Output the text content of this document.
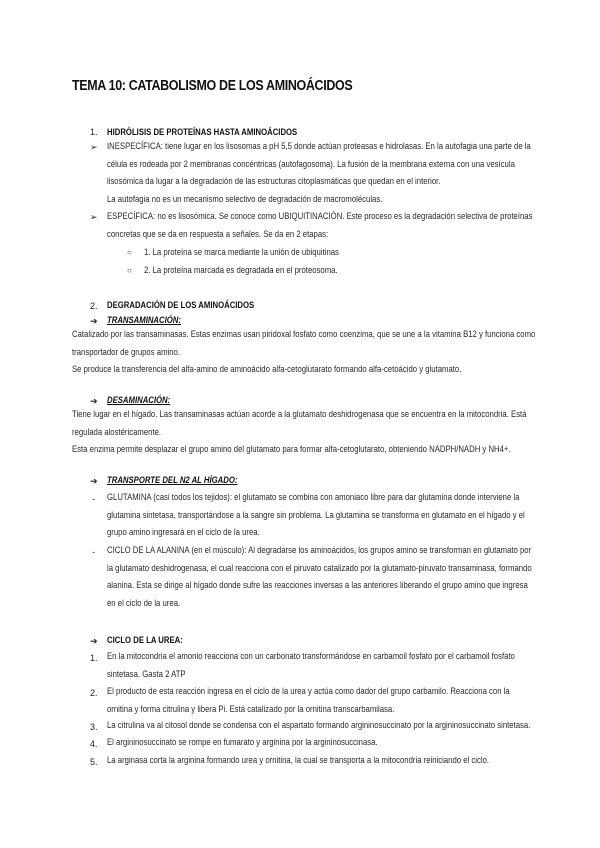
TEMA 10: CATABOLISMO DE LOS AMINOÁCIDOS
1. HIDRÓLISIS DE PROTEÍNAS HASTA AMINOÁCIDOS
➢ INESPECÍFICA: tiene lugar en los lisosomas a pH 5,5 donde actúan proteasas e hidrolasas. En la autofagia una parte de la
célula es rodeada por 2 membranas concéntricas (autofagosoma). La fusión de la membrana externa con una vesícula
lisosómica da lugar a la degradación de las estructuras citoplasmáticas que quedan en el interior.
La autofagia no es un mecanismo selectivo de degradación de macromoléculas.
➢ ESPECÍFICA: no es lisosómica. Se conoce como UBIQUITINACIÓN. Este proceso es la degradación selectiva de proteínas
concretas que se da en respuesta a señales. Se da en 2 etapas:
○ 1. La proteína se marca mediante la unión de ubiquitinas
○ 2. La proteína marcada es degradada en el proteosoma.
2. DEGRADACIÓN DE LOS AMINOÁCIDOS
➔ TRANSAMINACIÓN:
Catalizado por las transaminasas. Estas enzimas usan piridoxal fosfato como coenzima, que se une a la vitamina B12 y funciona como
transportador de grupos amino.
Se produce la transferencia del alfa-amino de aminoácido alfa-cetoglutarato formando alfa-cetoácido y glutamato.
➔ DESAMINACIÓN:
Tiene lugar en el hígado. Las transaminasas actúan acorde a la glutamato deshidrogenasa que se encuentra en la mitocondria. Está
regulada alostéricamente.
Esta enzima permite desplazar el grupo amino del glutamato para formar alfa-cetoglutarato, obteniendo NADPH/NADH y NH4+.
➔ TRANSPORTE DEL N2 AL HÍGADO:
- GLUTAMINA (casi todos los tejidos): el glutamato se combina con amoniaco libre para dar glutamina donde interviene la
glutamina sintetasa, transportándose a la sangre sin problema. La glutamina se transforma en glutamato en el hígado y el
grupo amino ingresará en el ciclo de la urea.
- CICLO DE LA ALANINA (en el músculo): Al degradarse los aminoácidos, los grupos amino se transforman en glutamato por
la glutamato deshidrogenasa, el cual reacciona con el piruvato catalizado por la glutamato-piruvato transaminasa, formando
alanina. Esta se dirige al hígado donde sufre las reacciones inversas a las anteriores liberando el grupo amino que ingresa
en el ciclo de la urea.
➔ CICLO DE LA UREA:
1. En la mitocondria el amonio reacciona con un carbonato transformándose en carbamoil fosfato por el carbamoil fosfato
sintetasa. Gasta 2 ATP
2. El producto de esta reacción ingresa en el ciclo de la urea y actúa como dador del grupo carbamilo. Reacciona con la
ornitina y forma citrulina y libera Pi. Está catalizado por la ornitina transcarbamilasa.
3. La citrulina va al citosol donde se condensa con el aspartato formando argininosuccinato por la argininosuccinato sintetasa.
4. El argininosuccinato se rompe en fumarato y arginina por la argininosuccinasa.
5. La arginasa corta la arginina formando urea y ornitina, la cual se transporta a la mitocondria reiniciando el ciclo.
